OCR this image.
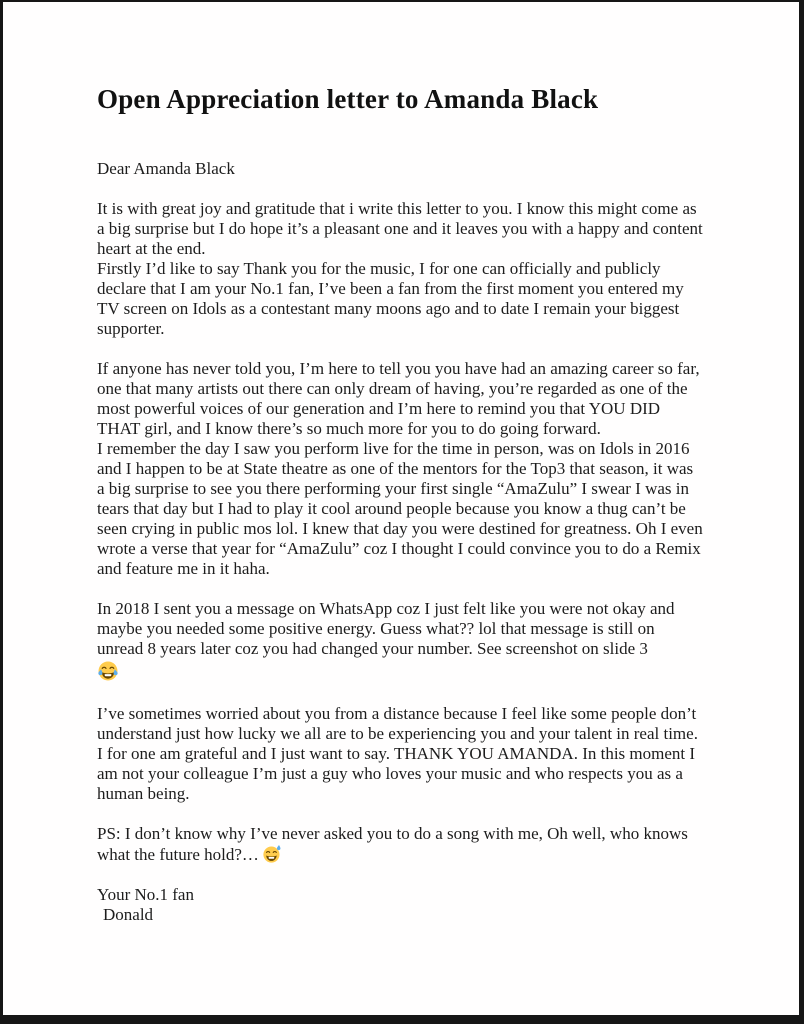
Open Appreciation letter to Amanda Black

Dear Amanda Black

It is with great joy and gratitude that i write this letter to you. I know this might come as a big surprise but I do hope it’s a pleasant one and it leaves you with a happy and content heart at the end.
Firstly I’d like to say Thank you for the music, I for one can officially and publicly declare that I am your No.1 fan, I’ve been a fan from the first moment you entered my TV screen on Idols as a contestant many moons ago and to date I remain your biggest supporter.
If anyone has never told you, I’m here to tell you you have had an amazing career so far, one that many artists out there can only dream of having, you’re regarded as one of the most powerful voices of our generation and I’m here to remind you that YOU DID THAT girl, and I know there’s so much more for you to do going forward.
I remember the day I saw you perform live for the time in person, was on Idols in 2016 and I happen to be at State theatre as one of the mentors for the Top3 that season, it was a big surprise to see you there performing your first single “AmaZulu” I swear I was in tears that day but I had to play it cool around people because you know a thug can’t be seen crying in public mos lol. I knew that day you were destined for greatness. Oh I even wrote a verse that year for “AmaZulu” coz I thought I could convince you to do a Remix and feature me in it haha.
In 2018 I sent you a message on WhatsApp coz I just felt like you were not okay and maybe you needed some positive energy. Guess what?? lol that message is still on unread 8 years later coz you had changed your number. See screenshot on slide 3
I’ve sometimes worried about you from a distance because I feel like some people don’t understand just how lucky we all are to be experiencing you and your talent in real time. I for one am grateful and I just want to say. THANK YOU AMANDA. In this moment I am not your colleague I’m just a guy who loves your music and who respects you as a human being.
PS: I don’t know why I’ve never asked you to do a song with me, Oh well, who knows what the future hold?…

Your No.1 fan
Donald
